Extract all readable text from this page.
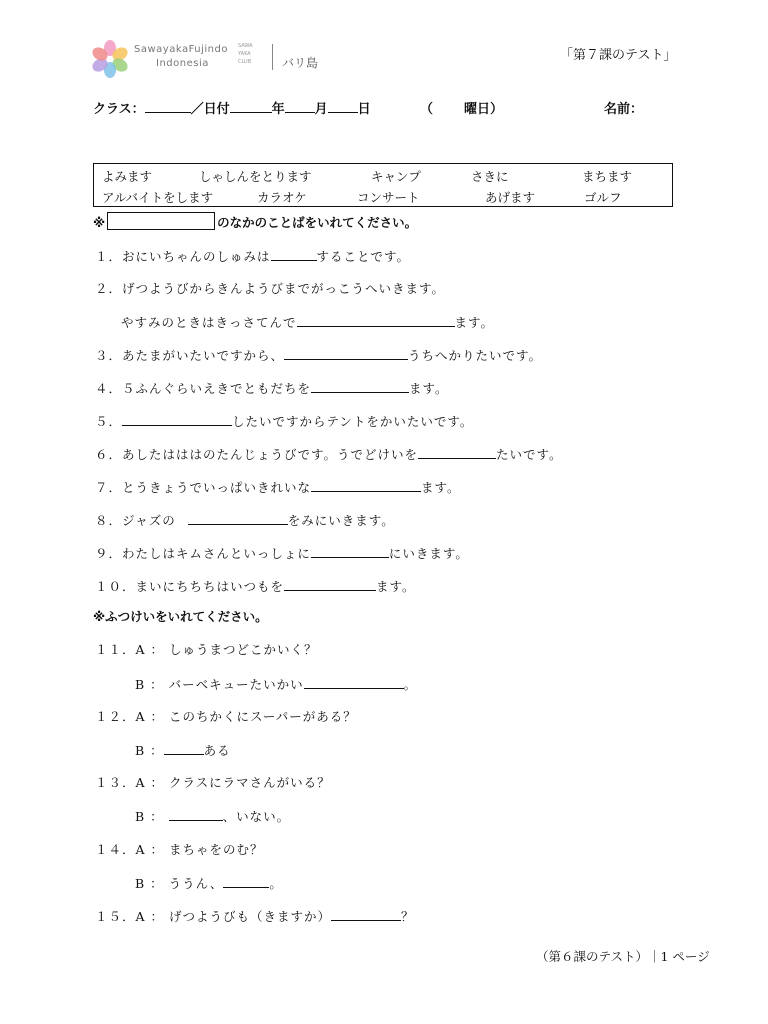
SawayakaFujindo
Indonesia
SAWA YAKA CLUB	バリ島	「第７課のテスト」
クラス：	／日付	年 月 日	（ 曜日）	名前：
よみます	しゃしんをとります	キャンプ	さきに	まちます
アルバイトをします	カラオケ	コンサート	あげます	ゴルフ
※	のなかのことばをいれてください。
１．おにいちゃんのしゅみは	することです。
２．げつようびからきんようびまでがっこうへいきます。
やすみのときはきっさてんで	ます。
３．あたまがいたいですから、	うちへかりたいです。
４．５ふんぐらいえきでともだちを	ます。
５．	したいですからテントをかいたいです。
６．あしたはははのたんじょうびです。うでどけいを	たいです。
７．とうきょうでいっぱいきれいな	ます。
８．ジャズの	をみにいきます。
９．わたしはキムさんといっしょに	にいきます。
１０．まいにちちちはいつもを	ます。
※ふつけいをいれてください。
１１．A ： しゅうまつどこかいく？
B ： バーベキューたいかい	。
１２．A ： このちかくにスーパーがある？
B ：	ある
１３．A ： クラスにラマさんがいる？
B ：	、いない。
１４．A ： まちゃをのむ？
B ： ううん、	。
１５．A ： げつようびも（きますか）	？
（第６課のテスト）｜1 ページ
